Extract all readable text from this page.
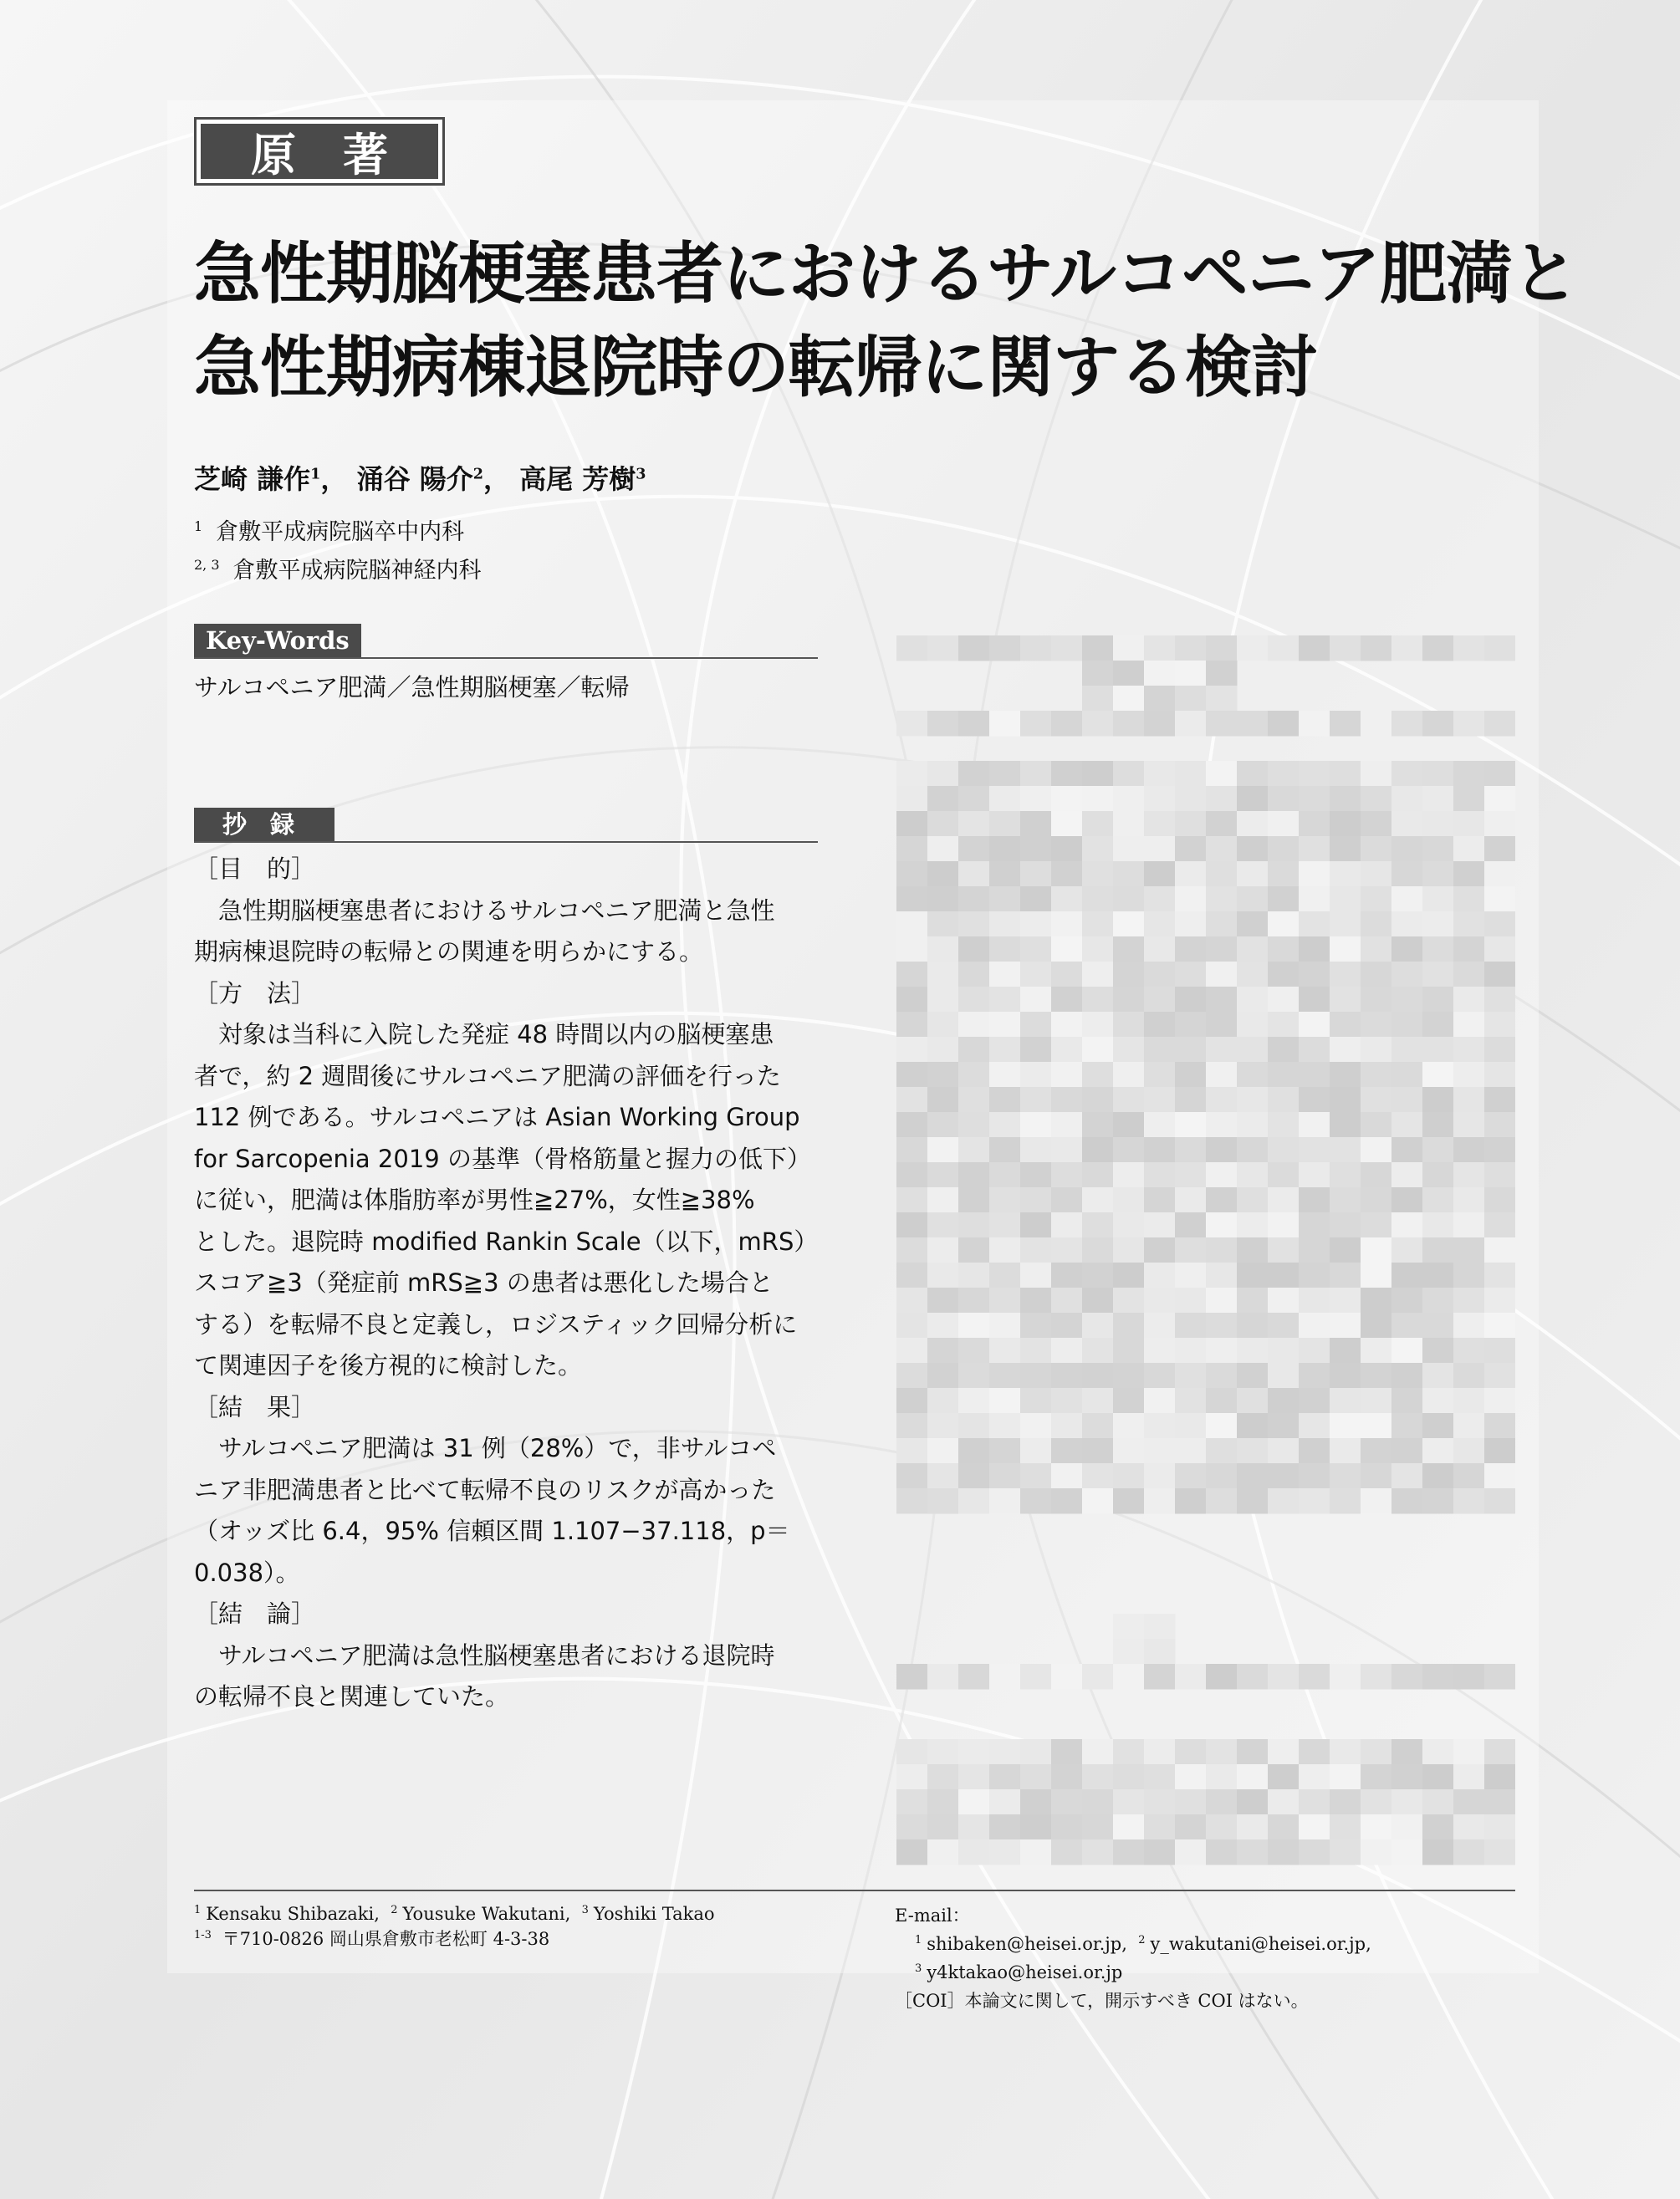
原著
急性期脳梗塞患者におけるサルコペニア肥満と
急性期病棟退院時の転帰に関する検討
芝崎 謙作$^1$， 涌谷 陽介$^2$， 高尾 芳樹$^3$
$^1$ 倉敷平成病院脳卒中内科
$^{2, 3}$ 倉敷平成病院脳神経内科
Key-Words
サルコペニア肥満／急性期脳梗塞／転帰
抄録
［目　的］
　急性期脳梗塞患者におけるサルコペニア肥満と急性
期病棟退院時の転帰との関連を明らかにする。
［方　法］
　対象は当科に入院した発症 48 時間以内の脳梗塞患
者で，約 2 週間後にサルコペニア肥満の評価を行った
112 例である。サルコペニアは Asian Working Group
for Sarcopenia 2019 の基準（骨格筋量と握力の低下）
に従い，肥満は体脂肪率が男性≧27%，女性≧38%
とした。退院時 modified Rankin Scale（以下，mRS）
スコア≧3（発症前 mRS≧3 の患者は悪化した場合と
する）を転帰不良と定義し，ロジスティック回帰分析に
て関連因子を後方視的に検討した。
［結　果］
　サルコペニア肥満は 31 例（28%）で，非サルコペ
ニア非肥満患者と比べて転帰不良のリスクが高かった
（オッズ比 6.4，95% 信頼区間 1.107−37.118，p＝
0.038）。
［結　論］
　サルコペニア肥満は急性脳梗塞患者における退院時
の転帰不良と関連していた。
$^1$ Kensaku Shibazaki,  $^2$ Yousuke Wakutani,  $^3$ Yoshiki Takao
$^{1-3}$ 〒710-0826 岡山県倉敷市老松町 4-3-38
E-mail：
$^1$ shibaken@heisei.or.jp,  $^2$ y_wakutani@heisei.or.jp,
$^3$ y4ktakao@heisei.or.jp
［COI］本論文に関して，開示すべき COI はない。
